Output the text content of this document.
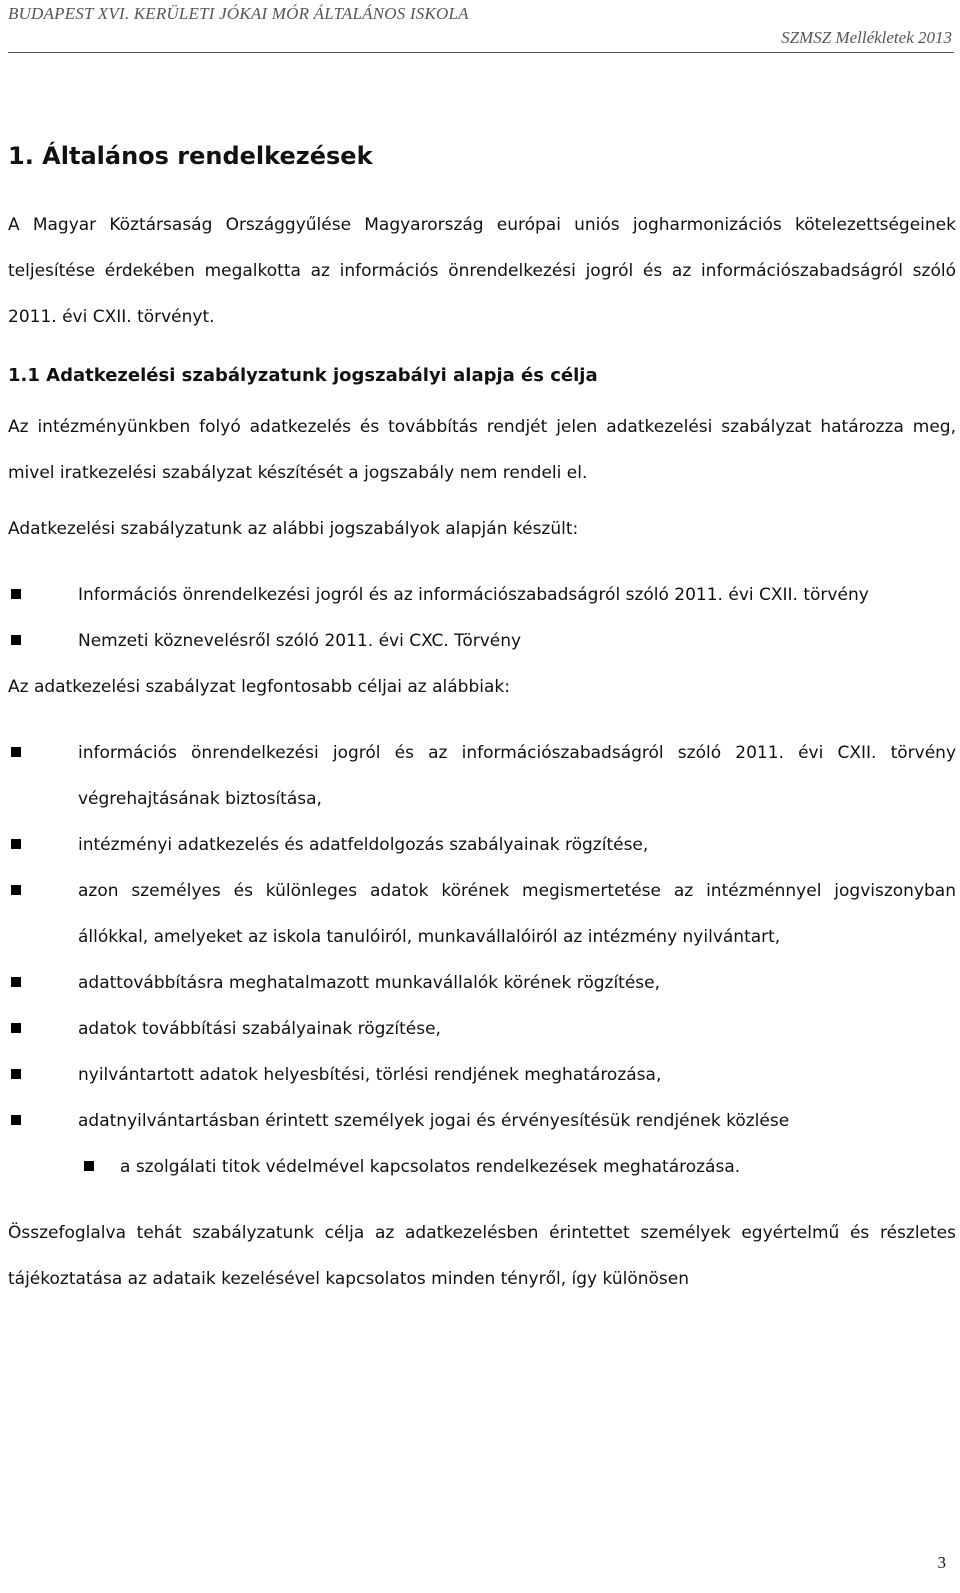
BUDAPEST XVI. KERÜLETI JÓKAI MÓR ÁLTALÁNOS ISKOLA
SZMSZ Mellékletek 2013
1. Általános rendelkezések

A Magyar Köztársaság Országgyűlése Magyarország európai uniós jogharmonizációs kötelezettségeinek teljesítése érdekében megalkotta az információs önrendelkezési jogról és az információszabadságról szóló 2011. évi CXII. törvényt.

1.1 Adatkezelési szabályzatunk jogszabályi alapja és célja

Az intézményünkben folyó adatkezelés és továbbítás rendjét jelen adatkezelési szabályzat határozza meg, mivel iratkezelési szabályzat készítését a jogszabály nem rendeli el.

Adatkezelési szabályzatunk az alábbi jogszabályok alapján készült:

Információs önrendelkezési jogról és az információszabadságról szóló 2011. évi CXII. törvény
Nemzeti köznevelésről szóló 2011. évi CXC. Törvény

Az adatkezelési szabályzat legfontosabb céljai az alábbiak:

információs önrendelkezési jogról és az információszabadságról szóló 2011. évi CXII. törvény végrehajtásának biztosítása,
intézményi adatkezelés és adatfeldolgozás szabályainak rögzítése,
azon személyes és különleges adatok körének megismertetése az intézménnyel jogviszonyban állókkal, amelyeket az iskola tanulóiról, munkavállalóiról az intézmény nyilvántart,
adattovábbításra meghatalmazott munkavállalók körének rögzítése,
adatok továbbítási szabályainak rögzítése,
nyilvántartott adatok helyesbítési, törlési rendjének meghatározása,
adatnyilvántartásban érintett személyek jogai és érvényesítésük rendjének közlése
a szolgálati titok védelmével kapcsolatos rendelkezések meghatározása.

Összefoglalva tehát szabályzatunk célja az adatkezelésben érintettet személyek egyértelmű és részletes tájékoztatása az adataik kezelésével kapcsolatos minden tényről, így különösen

3
